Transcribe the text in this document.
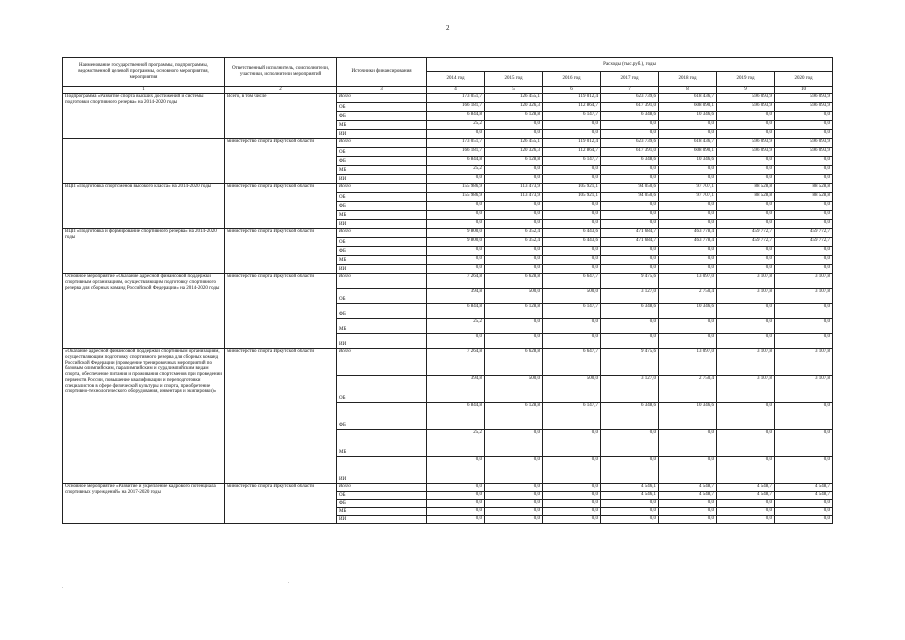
2
Наименование государственной программы, подпрограммы, ведомственной целевой программы, основного мероприятия, мероприятия	Ответственный исполнитель, соисполнители, участники, исполнители мероприятий	Источники финансирования	Расходы (тыс.руб.), годы						
			2014 год	2015 год	2016 год	2017 год	2018 год	2019 год	2020 год
1	2	3	4	5	6	7	8	9	10
Подпрограмма «Развитие спорта высших достижений и системы подготовки спортивного резерва» на 2014-2020 годы	Всего, в том числе	Всего	173 051,7	126 455,1	119 012,4	623 739,6	618 436,7	596 093,9	596 093,9
		ОБ	166 181,7	120 326,3	112 864,7	617 391,0	608 090,1	596 093,9	596 093,9
		ФБ	6 844,8	6 128,8	6 147,7	6 348,6	10 346,6	0,0	0,0
		МБ	25,2	0,0	0,0	0,0	0,0	0,0	0,0
		ИИ	0,0	0,0	0,0	0,0	0,0	0,0	0,0
	министерство спорта Иркутской области	Всего	173 051,7	126 455,1	119 012,4	623 739,6	618 436,7	596 093,9	596 093,9
		ОБ	166 181,7	120 326,3	112 864,7	617 391,0	608 090,1	596 093,9	596 093,9
		ФБ	6 844,8	6 128,8	6 147,7	6 348,6	10 346,6	0,0	0,0
		МБ	25,2	0,0	0,0	0,0	0,0	0,0	0,0
		ИИ	0,0	0,0	0,0	0,0	0,0	0,0	0,0
ВЦП «Подготовка спортсменов высокого класса» на 2014-2020 годы	министерство спорта Иркутской области	Всего	155 986,9	113 473,9	105 921,1	94 050,6	97 707,1	88 528,8	88 528,8
		ОБ	155 986,9	113 473,9	105 921,1	94 050,6	97 707,1	88 528,8	88 528,8
		ФБ	0,0	0,0	0,0	0,0	0,0	0,0	0,0
		МБ	0,0	0,0	0,0	0,0	0,0	0,0	0,0
		ИИ	0,0	0,0	0,0	0,0	0,0	0,0	0,0
ВЦП «Подготовка и формирование спортивного резерва» на 2014-2020 годы	министерство спорта Иркутской области	Всего	9 800,0	6 352,4	6 443,6	471 684,7	463 778,4	459 772,7	459 772,7
		ОБ	9 800,0	6 352,4	6 443,6	471 684,7	463 778,4	459 772,7	459 772,7
		ФБ	0,0	0,0	0,0	0,0	0,0	0,0	0,0
		МБ	0,0	0,0	0,0	0,0	0,0	0,0	0,0
		ИИ	0,0	0,0	0,0	0,0	0,0	0,0	0,0
Основное мероприятие «Оказание адресной финансовой поддержки спортивным организациям, осуществляющим подготовку спортивного резерва для сборных команд Российской Федерации» на 2014-2020 годы	министерство спорта Иркутской области	Всего	7 264,8	6 628,8	6 647,7	9 475,6	13 097,0	3 107,8	3 107,8
		ОБ	394,8	500,0	500,0	3 127,0	2 750,4	3 107,8	3 107,8
		ФБ	6 844,8	6 128,8	6 147,7	6 348,6	10 346,6	0,0	0,0
		МБ	25,2	0,0	0,0	0,0	0,0	0,0	0,0
		ИИ	0,0	0,0	0,0	0,0	0,0	0,0	0,0
«Оказание адресной финансовой поддержки спортивным организациям, осуществляющим подготовку спортивного резерва для сборных команд Российской Федерации (проведение тренировочных мероприятий по базовым олимпийским, паралимпийским и сурдлимпийским видам спорта, обеспечение питания и проживания спортсменов при проведении первенств России, повышение квалификации и переподготовки специалистов в сфере физической культуры и спорта, приобретение спортивно-технологического оборудования, инвентаря и экипировки)»	министерство спорта Иркутской области	Всего	7 264,8	6 628,8	6 647,7	9 475,6	13 097,0	3 107,8	3 107,8
		ОБ	394,8	500,0	500,0	3 127,0	2 750,4	3 107,8	3 107,8
		ФБ	6 844,8	6 128,8	6 147,7	6 348,6	10 346,6	0,0	0,0
		МБ	25,2	0,0	0,0	0,0	0,0	0,0	0,0
		ИИ	0,0	0,0	0,0	0,0	0,0	0,0	0,0
Основное мероприятие «Развитие и укрепление кадрового потенциала спортивных учреждений» на 2017-2020 годы	министерство спорта Иркутской области	Всего	0,0	0,0	0,0	4 546,1	4 548,7	4 548,7	4 548,7
		ОБ	0,0	0,0	0,0	4 546,1	4 548,7	4 548,7	4 548,7
		ФБ	0,0	0,0	0,0	0,0	0,0	0,0	0,0
		МБ	0,0	0,0	0,0	0,0	0,0	0,0	0,0
		ИИ	0,0	0,0	0,0	0,0	0,0	0,0	0,0
.
.
